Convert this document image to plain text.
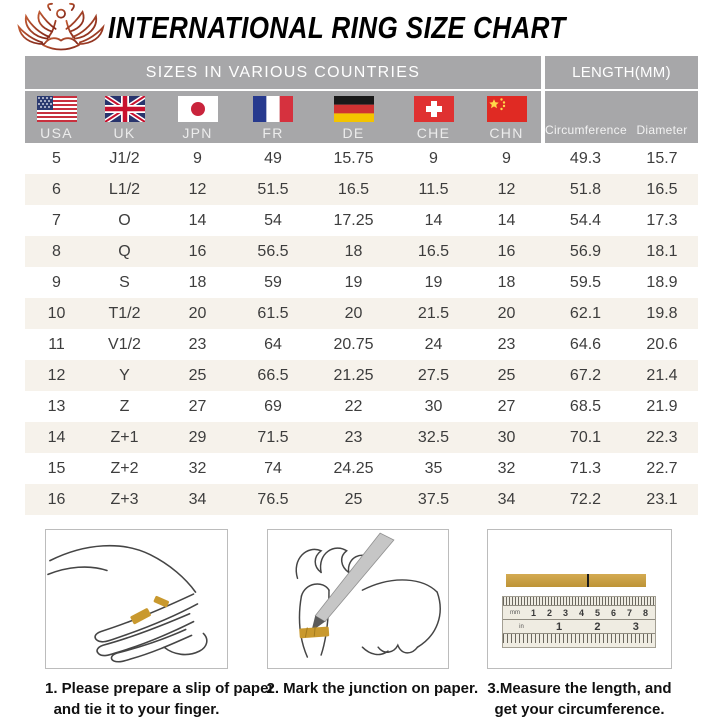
INTERNATIONAL RING SIZE CHART
SIZES IN VARIOUS COUNTRIES	LENGTH(MM)
USA	UK	JPN	FR	DE	CHE	CHN Circumference Diameter
5	J1/2	9	49	15.75	9	9	49.3	15.7
6	L1/2	12	51.5	16.5	11.5	12	51.8	16.5
7	O	14	54	17.25	14	14	54.4	17.3
8	Q	16	56.5	18	16.5	16	56.9	18.1
9	S	18	59	19	19	18	59.5	18.9
10	T1/2	20	61.5	20	21.5	20	62.1	19.8
11	V1/2	23	64	20.75	24	23	64.6	20.6
12	Y	25	66.5	21.25	27.5	25	67.2	21.4
13	Z	27	69	22	30	27	68.5	21.9
14	Z+1	29	71.5	23	32.5	30	70.1	22.3
15	Z+2	32	74	24.25	35	32	71.3	22.7
16	Z+3	34	76.5	25	37.5	34	72.2	23.1
mm 1 2 3 4 5 6 7 8
in	1	2	3
1. Please prepare a slip of paper
and tie it to your finger.
2. Mark the junction on paper. 3.Measure the length, and
get your circumference.
